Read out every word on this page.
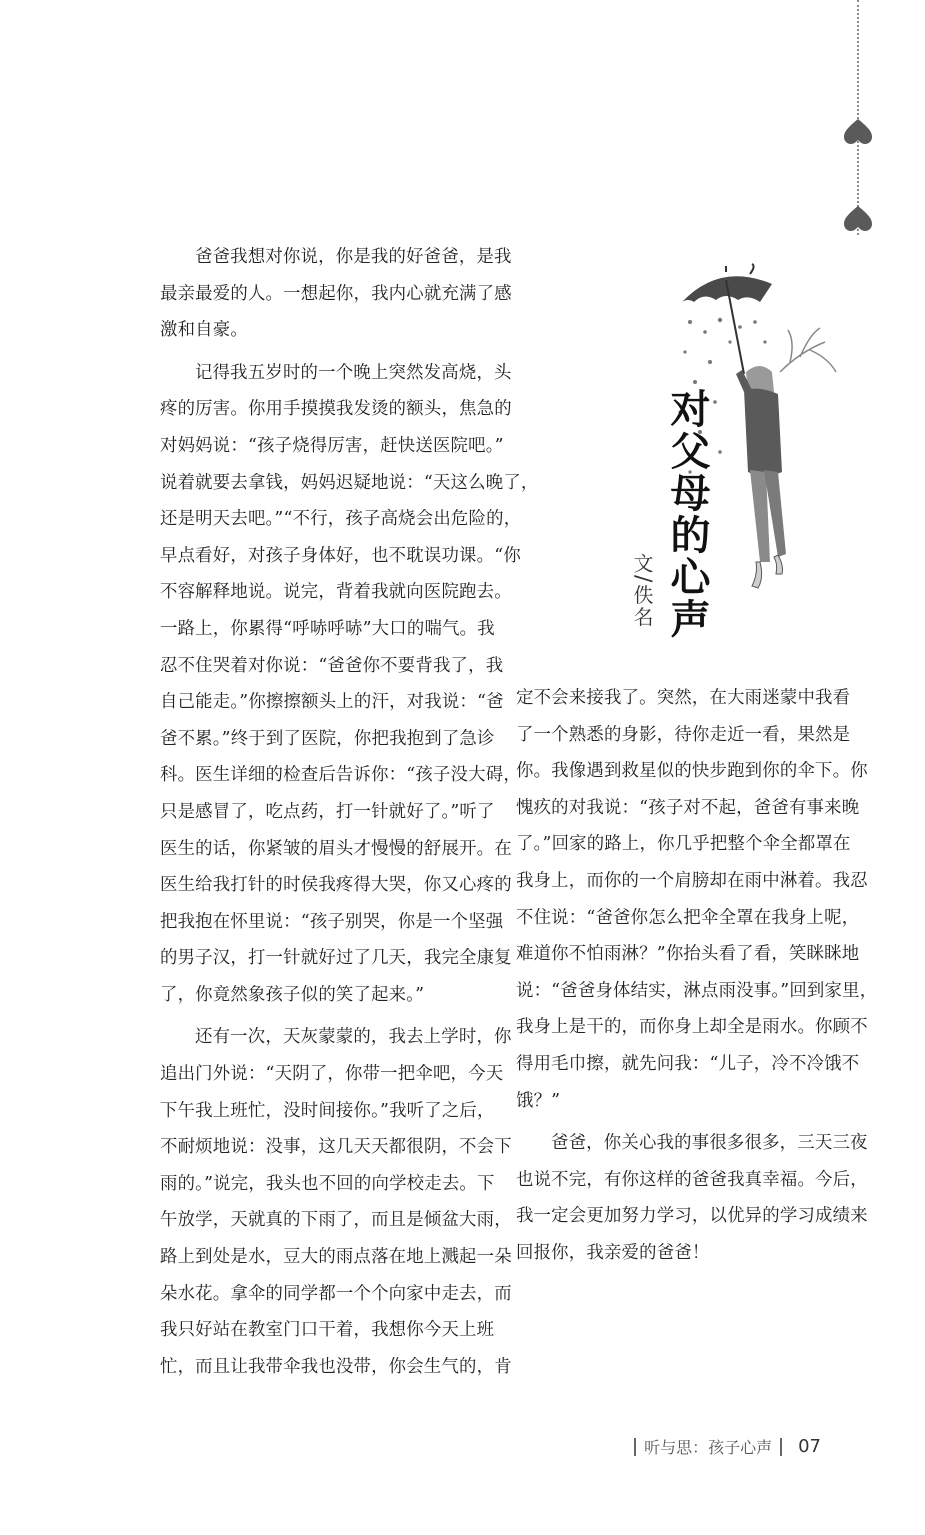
对父母的心声
文/佚名

爸爸我想对你说，你是我的好爸爸，是我
最亲最爱的人。一想起你，我内心就充满了感
激和自豪。

记得我五岁时的一个晚上突然发高烧，头
疼的厉害。你用手摸摸我发烫的额头，焦急的
对妈妈说：“孩子烧得厉害，赶快送医院吧。”
说着就要去拿钱，妈妈迟疑地说：“天这么晚了，
还是明天去吧。”“不行，孩子高烧会出危险的，
早点看好，对孩子身体好，也不耽误功课。“你
不容解释地说。说完，背着我就向医院跑去。
一路上，你累得“呼哧呼哧”大口的喘气。我
忍不住哭着对你说：“爸爸你不要背我了，我
自己能走。”你擦擦额头上的汗，对我说：“爸
爸不累。”终于到了医院，你把我抱到了急诊
科。医生详细的检查后告诉你：“孩子没大碍，
只是感冒了，吃点药，打一针就好了。”听了
医生的话，你紧皱的眉头才慢慢的舒展开。在
医生给我打针的时侯我疼得大哭，你又心疼的
把我抱在怀里说：“孩子别哭，你是一个坚强
的男子汉，打一针就好过了几天，我完全康复
了，你竟然象孩子似的笑了起来。”

还有一次，天灰蒙蒙的，我去上学时，你
追出门外说：“天阴了，你带一把伞吧，今天
下午我上班忙，没时间接你。”我听了之后，
不耐烦地说：没事，这几天天都很阴，不会下
雨的。”说完，我头也不回的向学校走去。下
午放学，天就真的下雨了，而且是倾盆大雨，
路上到处是水，豆大的雨点落在地上溅起一朵
朵水花。拿伞的同学都一个个向家中走去，而
我只好站在教室门口干着，我想你今天上班
忙，而且让我带伞我也没带，你会生气的，肯

定不会来接我了。突然，在大雨迷蒙中我看
了一个熟悉的身影，待你走近一看，果然是
你。我像遇到救星似的快步跑到你的伞下。你
愧疚的对我说：“孩子对不起，爸爸有事来晚
了。”回家的路上，你几乎把整个伞全都罩在
我身上，而你的一个肩膀却在雨中淋着。我忍
不住说：“爸爸你怎么把伞全罩在我身上呢，
难道你不怕雨淋？”你抬头看了看，笑眯眯地
说：“爸爸身体结实，淋点雨没事。”回到家里，
我身上是干的，而你身上却全是雨水。你顾不
得用毛巾擦，就先问我：“儿子，冷不冷饿不
饿？”

爸爸，你关心我的事很多很多，三天三夜
也说不完，有你这样的爸爸我真幸福。今后，
我一定会更加努力学习，以优异的学习成绩来
回报你，我亲爱的爸爸！

听与思：孩子心声 07
